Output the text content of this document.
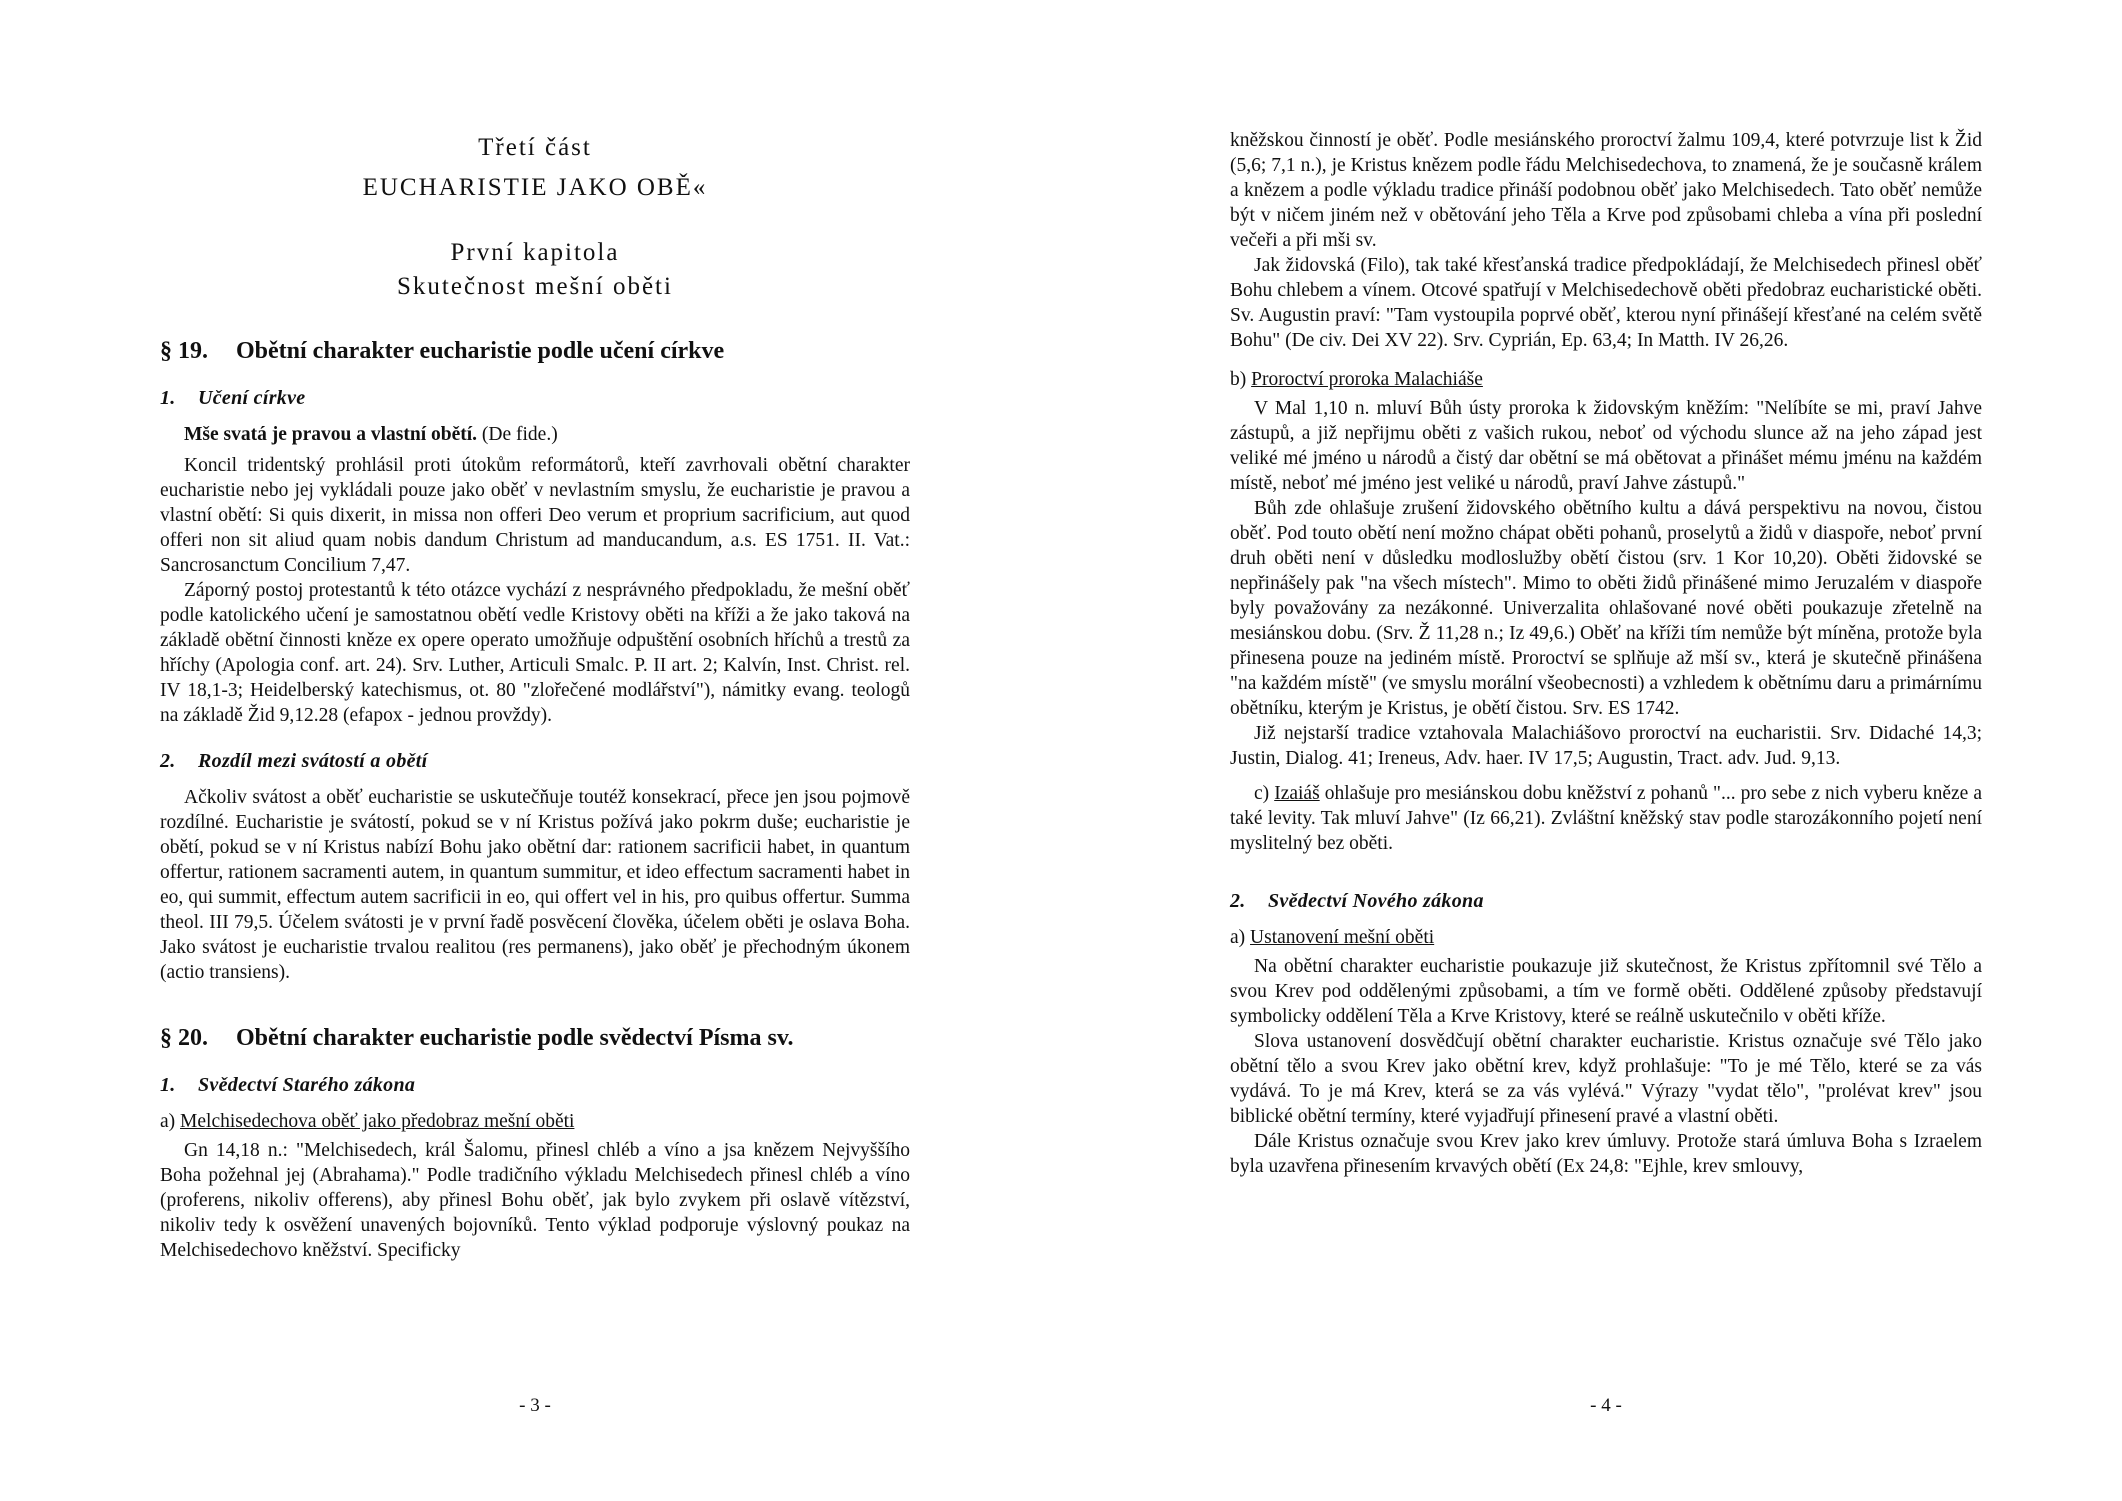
Třetí část
EUCHARISTIE JAKO OBĚ«
První kapitola
Skutečnost mešní oběti
§ 19. Obětní charakter eucharistie podle učení církve
1. Učení církve
Mše svatá je pravou a vlastní obětí. (De fide.)

Koncil tridentský prohlásil proti útokům reformátorů, kteří zavrhovali obětní charakter eucharistie nebo jej vykládali pouze jako oběť v nevlastním smyslu, že eucharistie je pravou a vlastní obětí: Si quis dixerit, in missa non offeri Deo verum et proprium sacrificium, aut quod offeri non sit aliud quam nobis dandum Christum ad manducandum, a.s. ES 1751. II. Vat.: Sancrosanctum Concilium 7,47.

Záporný postoj protestantů k této otázce vychází z nesprávného předpokladu, že mešní oběť podle katolického učení je samostatnou obětí vedle Kristovy oběti na kříži a že jako taková na základě obětní činnosti kněze ex opere operato umožňuje odpuštění osobních hříchů a trestů za hříchy (Apologia conf. art. 24). Srv. Luther, Articuli Smalc. P. II art. 2; Kalvín, Inst. Christ. rel. IV 18,1-3; Heidelberský katechismus, ot. 80 "zlořečené modlářství"), námitky evang. teologů na základě Žid 9,12.28 (efapox - jednou provždy).

2. Rozdíl mezi svátostí a obětí

Ačkoliv svátost a oběť eucharistie se uskutečňuje toutéž konsekrací, přece jen jsou pojmově rozdílné. Eucharistie je svátostí, pokud se v ní Kristus požívá jako pokrm duše; eucharistie je obětí, pokud se v ní Kristus nabízí Bohu jako obětní dar: rationem sacrificii habet, in quantum offertur, rationem sacramenti autem, in quantum summitur, et ideo effectum sacramenti habet in eo, qui summit, effectum autem sacrificii in eo, qui offert vel in his, pro quibus offertur. Summa theol. III 79,5. Účelem svátosti je v první řadě posvěcení člověka, účelem oběti je oslava Boha. Jako svátost je eucharistie trvalou realitou (res permanens), jako oběť je přechodným úkonem (actio transiens).

§ 20. Obětní charakter eucharistie podle svědectví Písma sv.
1. Svědectví Starého zákona
a) Melchisedechova oběť jako předobraz mešní oběti

Gn 14,18 n.: "Melchisedech, král Šalomu, přinesl chléb a víno a jsa knězem Nejvyššího Boha požehnal jej (Abrahama)." Podle tradičního výkladu Melchisedech přinesl chléb a víno (proferens, nikoliv offerens), aby přinesl Bohu oběť, jak bylo zvykem při oslavě vítězství, nikoliv tedy k osvěžení unavených bojovníků. Tento výklad podporuje výslovný poukaz na Melchisedechovo kněžství. Specificky

- 3 -

kněžskou činností je oběť. Podle mesiánského proroctví žalmu 109,4, které potvrzuje list k Žid (5,6; 7,1 n.), je Kristus knězem podle řádu Melchisedechova, to znamená, že je současně králem a knězem a podle výkladu tradice přináší podobnou oběť jako Melchisedech. Tato oběť nemůže být v ničem jiném než v obětování jeho Těla a Krve pod způsobami chleba a vína při poslední večeři a při mši sv.

Jak židovská (Filo), tak také křesťanská tradice předpokládají, že Melchisedech přinesl oběť Bohu chlebem a vínem. Otcové spatřují v Melchisedechově oběti předobraz eucharistické oběti. Sv. Augustin praví: "Tam vystoupila poprvé oběť, kterou nyní přinášejí křesťané na celém světě Bohu" (De civ. Dei XV 22). Srv. Cyprián, Ep. 63,4; In Matth. IV 26,26.

b) Proroctví proroka Malachiáše

V Mal 1,10 n. mluví Bůh ústy proroka k židovským kněžím: "Nelíbíte se mi, praví Jahve zástupů, a již nepřijmu oběti z vašich rukou, neboť od východu slunce až na jeho západ jest veliké mé jméno u národů a čistý dar obětní se má obětovat a přinášet mému jménu na každém místě, neboť mé jméno jest veliké u národů, praví Jahve zástupů."

Bůh zde ohlašuje zrušení židovského obětního kultu a dává perspektivu na novou, čistou oběť. Pod touto obětí není možno chápat oběti pohanů, proselytů a židů v diaspoře, neboť první druh oběti není v důsledku modloslužby obětí čistou (srv. 1 Kor 10,20). Oběti židovské se nepřinášely pak "na všech místech". Mimo to oběti židů přinášené mimo Jeruzalém v diaspoře byly považovány za nezákonné. Univerzalita ohlašované nové oběti poukazuje zřetelně na mesiánskou dobu. (Srv. Ž 11,28 n.; Iz 49,6.) Oběť na kříži tím nemůže být míněna, protože byla přinesena pouze na jediném místě. Proroctví se splňuje až mší sv., která je skutečně přinášena "na každém místě" (ve smyslu morální všeobecnosti) a vzhledem k obětnímu daru a primárnímu obětníku, kterým je Kristus, je obětí čistou. Srv. ES 1742.

Již nejstarší tradice vztahovala Malachiášovo proroctví na eucharistii. Srv. Didaché 14,3; Justin, Dialog. 41; Ireneus, Adv. haer. IV 17,5; Augustin, Tract. adv. Jud. 9,13.

c) Izaiáš ohlašuje pro mesiánskou dobu kněžství z pohanů "... pro sebe z nich vyberu kněze a také levity. Tak mluví Jahve" (Iz 66,21). Zvláštní kněžský stav podle starozákonního pojetí není myslitelný bez oběti.

2. Svědectví Nového zákona
a) Ustanovení mešní oběti

Na obětní charakter eucharistie poukazuje již skutečnost, že Kristus zpřítomnil své Tělo a svou Krev pod oddělenými způsobami, a tím ve formě oběti. Oddělené způsoby představují symbolicky oddělení Těla a Krve Kristovy, které se reálně uskutečnilo v oběti kříže.

Slova ustanovení dosvědčují obětní charakter eucharistie. Kristus označuje své Tělo jako obětní tělo a svou Krev jako obětní krev, když prohlašuje: "To je mé Tělo, které se za vás vydává. To je má Krev, která se za vás vylévá." Výrazy "vydat tělo", "prolévat krev" jsou biblické obětní termíny, které vyjadřují přinesení pravé a vlastní oběti.

Dále Kristus označuje svou Krev jako krev úmluvy. Protože stará úmluva Boha s Izraelem byla uzavřena přinesením krvavých obětí (Ex 24,8: "Ejhle, krev smlouvy,

- 4 -
